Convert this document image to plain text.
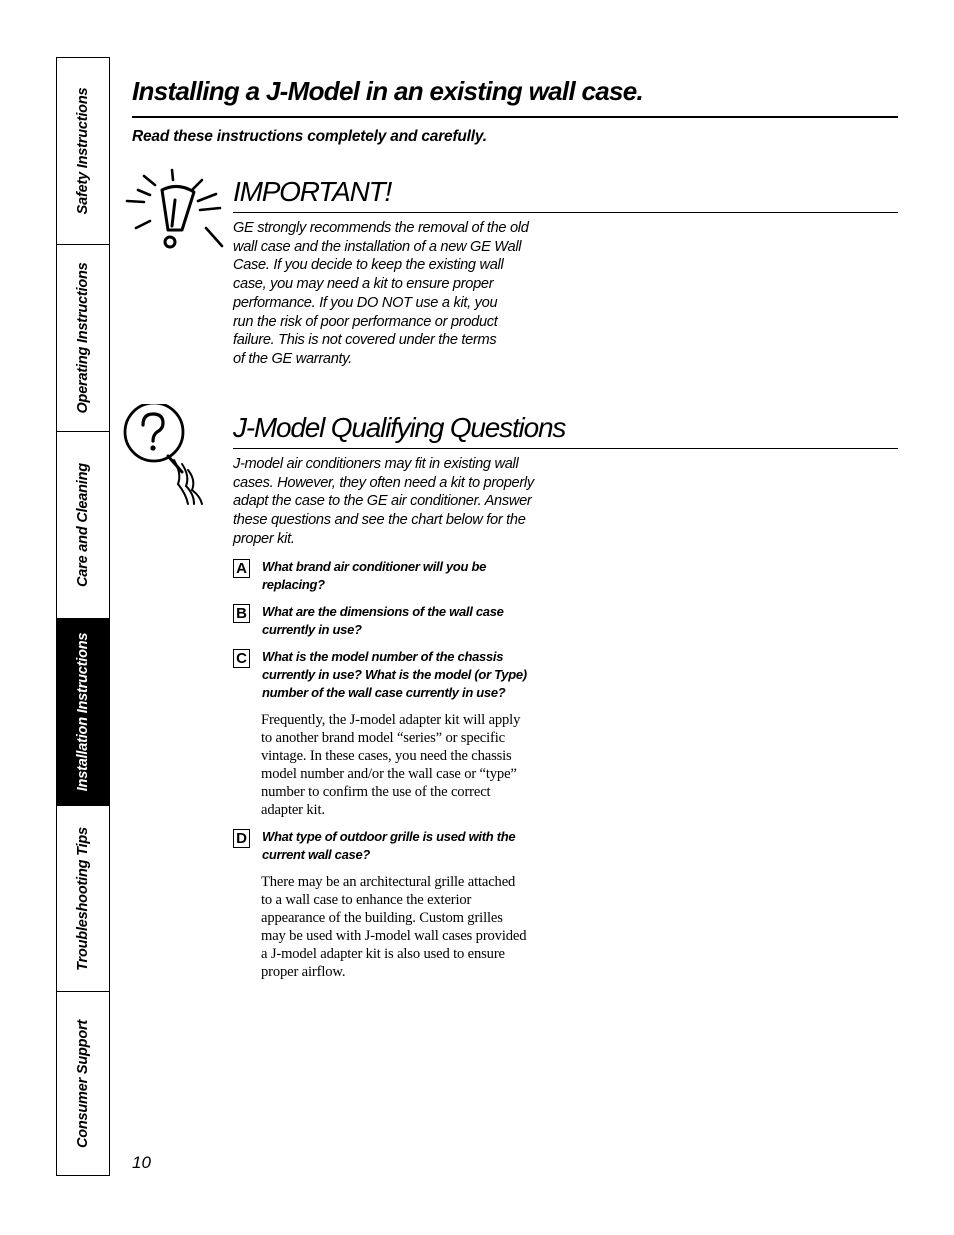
Safety Instructions
Operating Instructions
Care and Cleaning
Installation Instructions
Troubleshooting Tips
Consumer Support
Installing a J-Model in an existing wall case.
Read these instructions completely and carefully.
IMPORTANT!

GE strongly recommends the removal of the old
wall case and the installation of a new GE Wall
Case. If you decide to keep the existing wall
case, you may need a kit to ensure proper
performance. If you DO NOT use a kit, you
run the risk of poor performance or product
failure. This is not covered under the terms
of the GE warranty.

J-Model Qualifying Questions

J-model air conditioners may fit in existing wall
cases. However, they often need a kit to properly
adapt the case to the GE air conditioner. Answer
these questions and see the chart below for the
proper kit.

A What brand air conditioner will you be
replacing?
B What are the dimensions of the wall case
currently in use?
C What is the model number of the chassis
currently in use? What is the model (or Type)
number of the wall case currently in use?

Frequently, the J-model adapter kit will apply
to another brand model “series” or specific
vintage. In these cases, you need the chassis
model number and/or the wall case or “type”
number to confirm the use of the correct
adapter kit.

D What type of outdoor grille is used with the
current wall case?

There may be an architectural grille attached
to a wall case to enhance the exterior
appearance of the building. Custom grilles
may be used with J-model wall cases provided
a J-model adapter kit is also used to ensure
proper airflow.

10
